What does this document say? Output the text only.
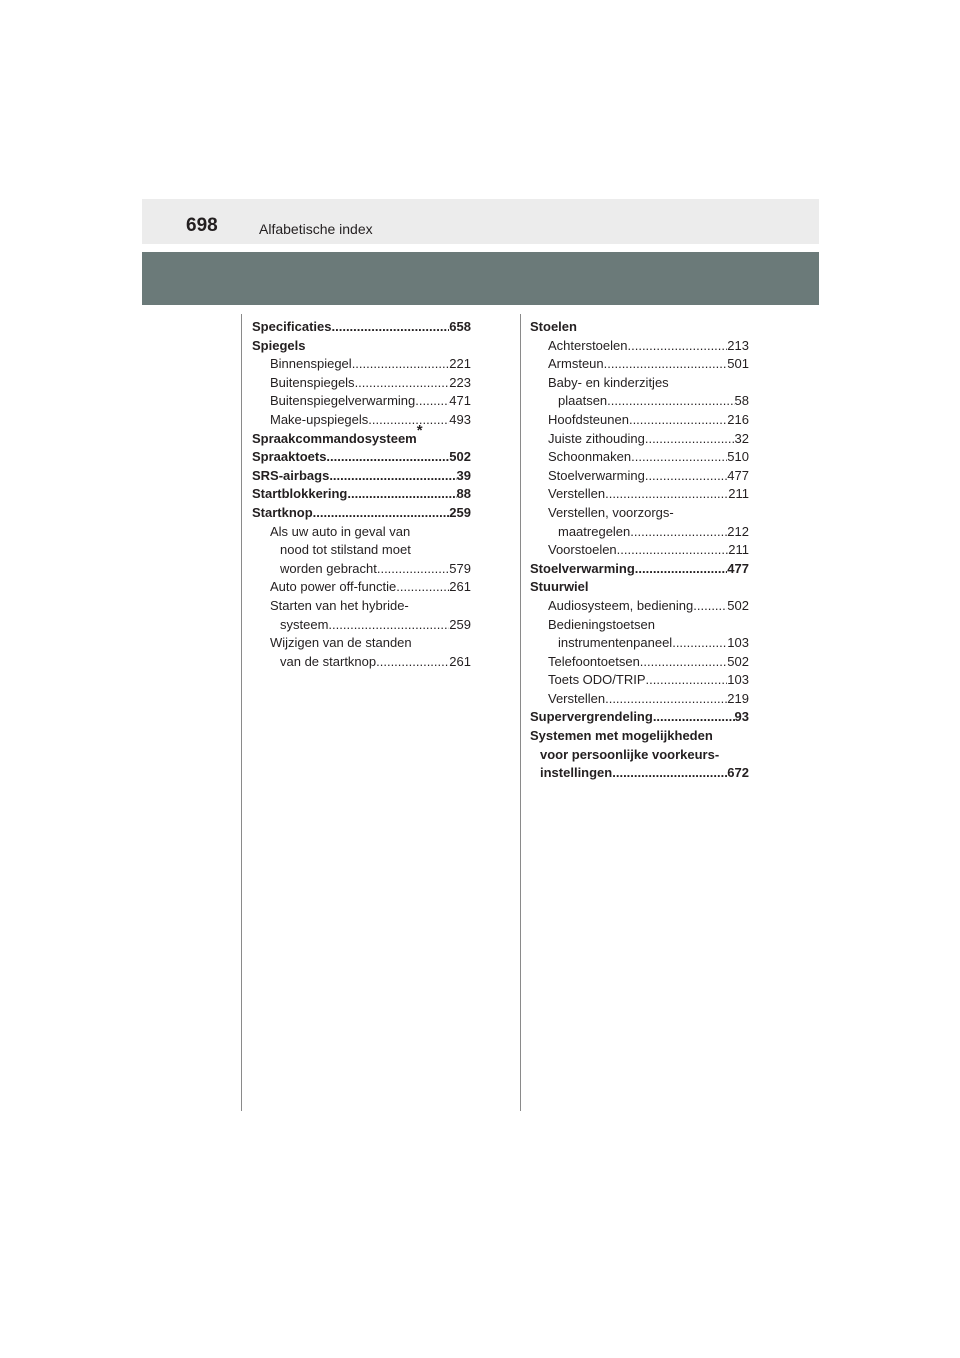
698	Alfabetische index
Specificaties .....	658
Spiegels
Binnenspiegel .....	221
Buitenspiegels .....	223
Buitenspiegelverwarming .....	471
Make-upspiegels .....	493
Spraakcommandosysteem*
Spraaktoets .....	502
SRS-airbags .....	39
Startblokkering .....	88
Startknop .....	259
Als uw auto in geval van
nood tot stilstand moet
worden gebracht .....	579
Auto power off-functie .....	261
Starten van het hybride-
systeem .....	259
Wijzigen van de standen
van de startknop .....	261
Stoelen
Achterstoelen .....	213
Armsteun .....	501
Baby- en kinderzitjes
plaatsen .....	58
Hoofdsteunen .....	216
Juiste zithouding .....	32
Schoonmaken .....	510
Stoelverwarming .....	477
Verstellen .....	211
Verstellen, voorzorgs-
maatregelen .....	212
Voorstoelen .....	211
Stoelverwarming .....	477
Stuurwiel
Audiosysteem, bediening .....	502
Bedieningstoetsen
instrumentenpaneel .....	103
Telefoontoetsen .....	502
Toets ODO/TRIP .....	103
Verstellen .....	219
Supervergrendeling .....	93
Systemen met mogelijkheden
voor persoonlijke voorkeurs-
instellingen .....	672
